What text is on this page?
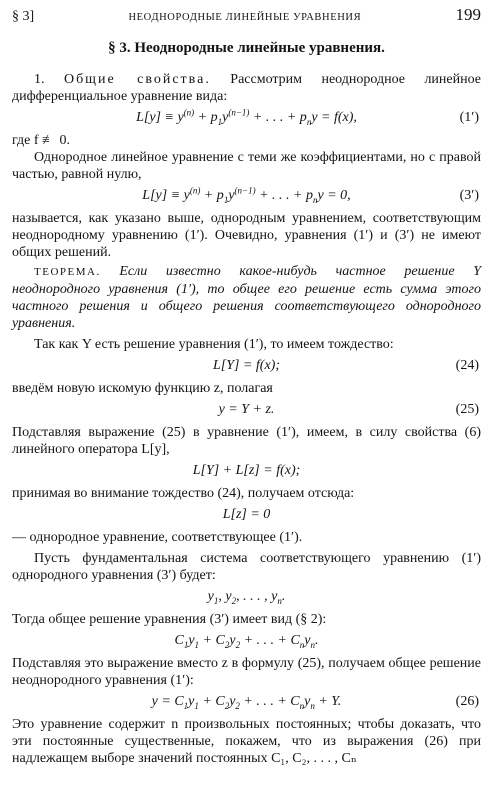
§ 3]	НЕОДНОРОДНЫЕ ЛИНЕЙНЫЕ УРАВНЕНИЯ	199
§ 3. Неоднородные линейные уравнения.

1. Общие свойства. Рассмотрим неоднородное линейное дифференциальное уравнение вида:

$L[y] \equiv y^{(n)} + p_1y^{(n-1)}$ + . . . + $p_ny = f(x)$,	(1′)

где f ≢ 0.

Однородное линейное уравнение с теми же коэффициентами, но с правой частью, равной нулю,

$L[y] \equiv y^{(n)} + p_1y^{(n-1)}$ + . . . + $p_ny = 0$,	(3′)

называется, как указано выше, однородным уравнением, соответствующим неоднородному уравнению (1′). Очевидно, уравнения (1′) и (3′) не имеют общих решений.

ТЕОРЕМА. Если известно какое-нибудь частное решение Y неоднородного уравнения (1′), то общее его решение есть сумма этого частного решения и общего решения соответствующего однородного уравнения.

Так как Y есть решение уравнения (1′), то имеем тождество:

L[Y] = f(x);	(24)

введём новую искомую функцию z, полагая

y = Y + z.	(25)

Подставляя выражение (25) в уравнение (1′), имеем, в силу свойства (6) линейного оператора L[y],

L[Y] + L[z] = f(x);

принимая во внимание тождество (24), получаем отсюда:

L[z] = 0

— однородное уравнение, соответствующее (1′).

Пусть фундаментальная система соответствующего уравнению (1′) однородного уравнения (3′) будет:

$y_1$, $y_2$, . . . , $y_n$.

Тогда общее решение уравнения (3′) имеет вид (§ 2):

$C_1y_1 + C_2y_2$ + . . . + $C_ny_n$.

Подставляя это выражение вместо z в формулу (25), получаем общее решение неоднородного уравнения (1′):

$y = C_1y_1 + C_2y_2$ + . . . + $C_ny_n + Y$.	(26)

Это уравнение содержит n произвольных постоянных; чтобы доказать, что эти постоянные существенные, покажем, что из выражения (26) при надлежащем выборе значений постоянных C₁, C₂, . . . , Cₙ
